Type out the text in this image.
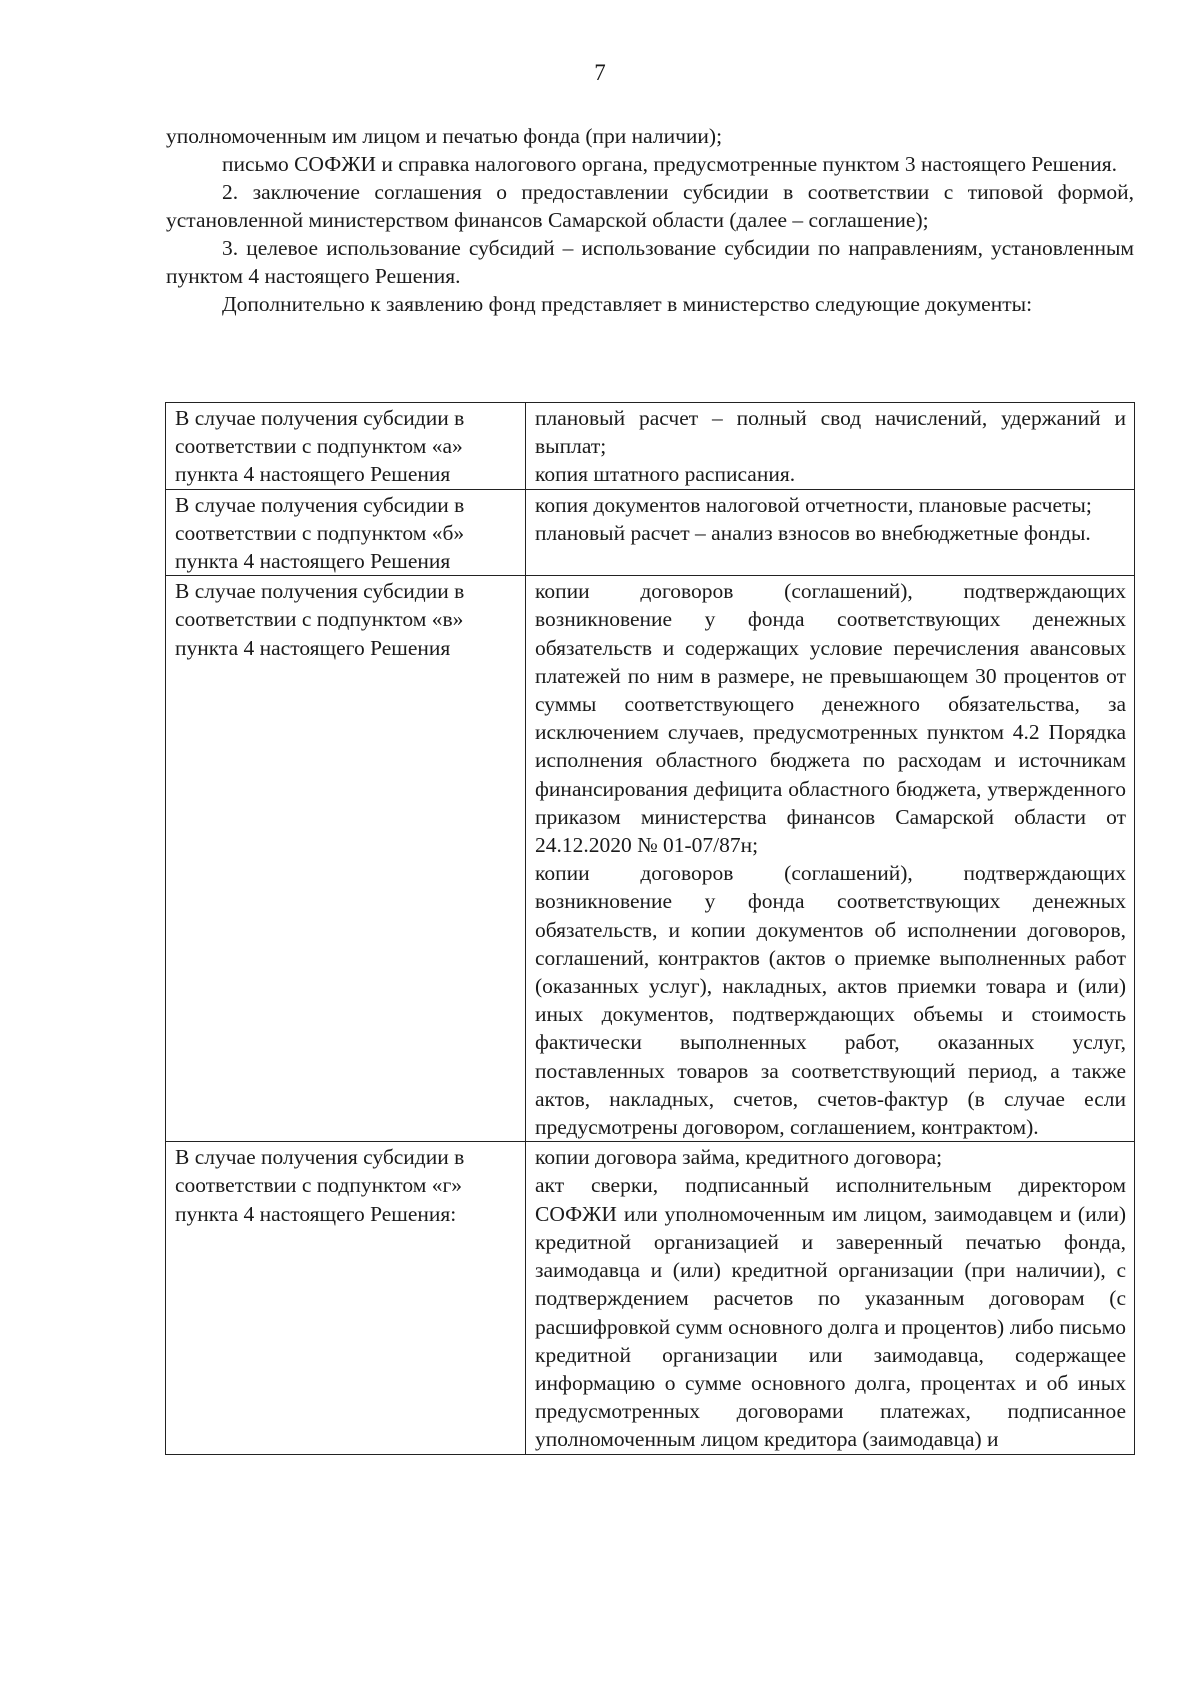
7

уполномоченным им лицом и печатью фонда (при наличии);

письмо СОФЖИ и справка налогового органа, предусмотренные пунктом 3 настоящего Решения.

2. заключение соглашения о предоставлении субсидии в соответствии с типовой формой, установленной министерством финансов Самарской области (далее – соглашение);

3. целевое использование субсидий – использование субсидии по направлениям, установленным пунктом 4 настоящего Решения.

Дополнительно к заявлению фонд представляет в министерство следующие документы:

В случае получения субсидии в соответствии с подпунктом «а» пункта 4 настоящего Решения	плановый расчет – полный свод начислений, удержаний и выплат;

копия штатного расписания.

В случае получения субсидии в соответствии с подпунктом «б» пункта 4 настоящего Решения	копия документов налоговой отчетности, плановые расчеты;

плановый расчет – анализ взносов во внебюджетные фонды.

В случае получения субсидии в соответствии с подпунктом «в» пункта 4 настоящего Решения	копии договоров (соглашений), подтверждающих возникновение у фонда соответствующих денежных обязательств и содержащих условие перечисления авансовых платежей по ним в размере, не превышающем 30 процентов от суммы соответствующего денежного обязательства, за исключением случаев, предусмотренных пунктом 4.2 Порядка исполнения областного бюджета по расходам и источникам финансирования дефицита областного бюджета, утвержденного приказом министерства финансов Самарской области от 24.12.2020 № 01-07/87н;

копии договоров (соглашений), подтверждающих возникновение у фонда соответствующих денежных обязательств, и копии документов об исполнении договоров, соглашений, контрактов (актов о приемке выполненных работ (оказанных услуг), накладных, актов приемки товара и (или) иных документов, подтверждающих объемы и стоимость фактически выполненных работ, оказанных услуг, поставленных товаров за соответствующий период, а также актов, накладных, счетов, счетов-фактур (в случае если предусмотрены договором, соглашением, контрактом).

В случае получения субсидии в соответствии с подпунктом «г» пункта 4 настоящего Решения:	копии договора займа, кредитного договора;

акт сверки, подписанный исполнительным директором СОФЖИ или уполномоченным им лицом, заимодавцем и (или) кредитной организацией и заверенный печатью фонда, заимодавца и (или) кредитной организации (при наличии), с подтверждением расчетов по указанным договорам (с расшифровкой сумм основного долга и процентов) либо письмо кредитной организации или заимодавца, содержащее информацию о сумме основного долга, процентах и об иных предусмотренных договорами платежах, подписанное уполномоченным лицом кредитора (заимодавца) и
